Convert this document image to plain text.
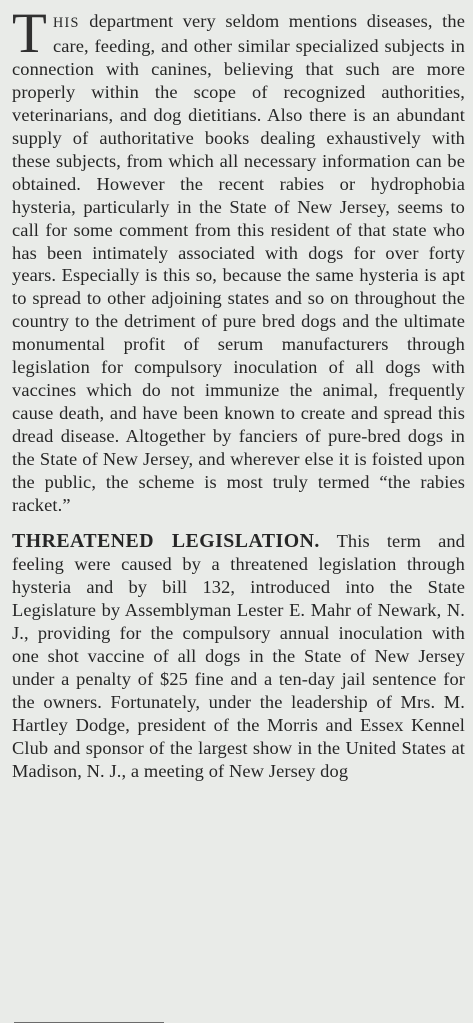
THIS department very seldom mentions diseases, the care, feeding, and other similar specialized subjects in connection with canines, believing that such are more properly within the scope of recognized authorities, veterinarians, and dog dietitians. Also there is an abundant supply of authoritative books dealing exhaustively with these subjects, from which all necessary information can be obtained. However the recent rabies or hydrophobia hysteria, particularly in the State of New Jersey, seems to call for some comment from this resident of that state who has been intimately associated with dogs for over forty years. Especially is this so, because the same hysteria is apt to spread to other adjoining states and so on throughout the country to the detriment of pure bred dogs and the ultimate monumental profit of serum manufacturers through legislation for compulsory inoculation of all dogs with vaccines which do not immunize the animal, frequently cause death, and have been known to create and spread this dread disease. Altogether by fanciers of pure-bred dogs in the State of New Jersey, and wherever else it is foisted upon the public, the scheme is most truly termed “the rabies racket.”

THREATENED LEGISLATION. This term and feeling were caused by a threatened legislation through hysteria and by bill 132, introduced into the State Legislature by Assemblyman Lester E. Mahr of Newark, N. J., providing for the compulsory annual inoculation with one shot vaccine of all dogs in the State of New Jersey under a penalty of $25 fine and a ten-day jail sentence for the owners. Fortunately, under the leadership of Mrs. M. Hartley Dodge, president of the Morris and Essex Kennel Club and sponsor of the largest show in the United States at Madison, N. J., a meeting of New Jersey dog
